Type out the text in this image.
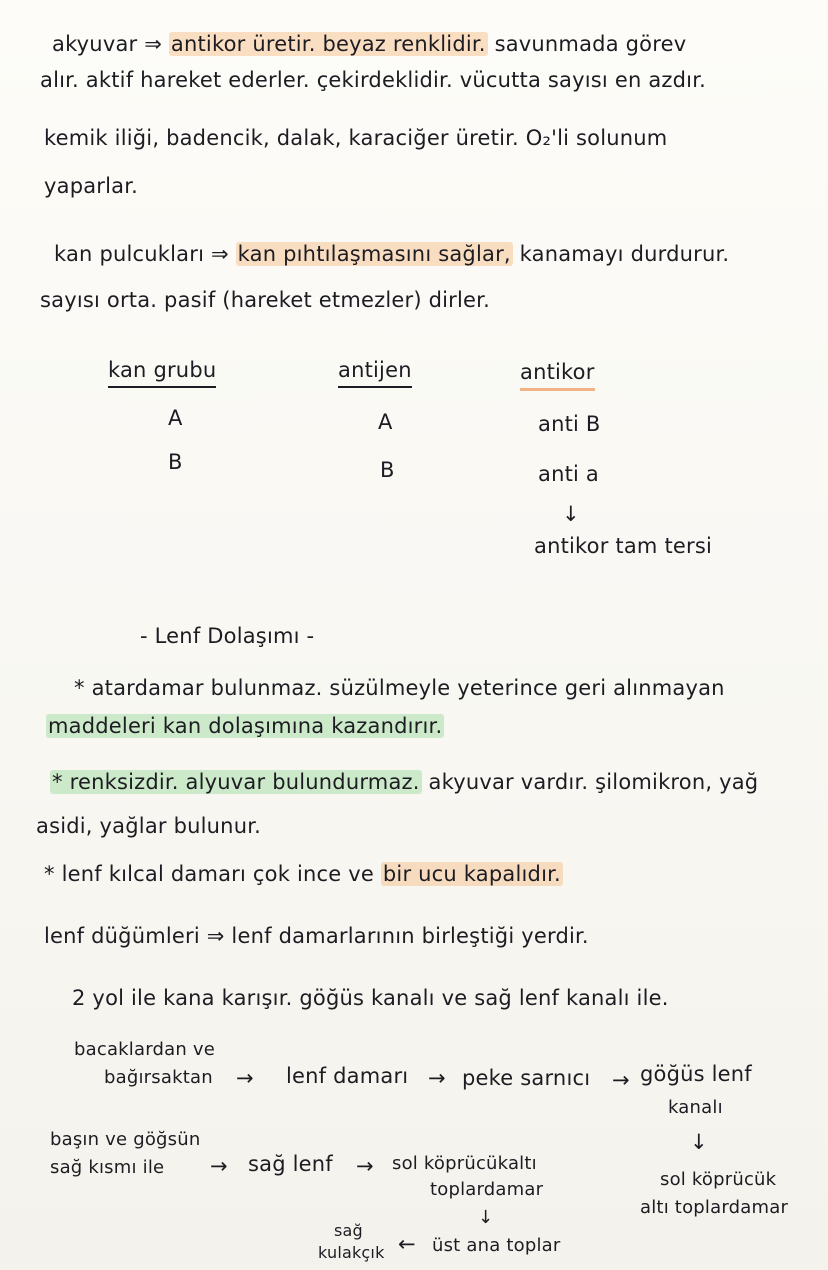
akyuvar ⇒ antikor üretir. beyaz renklidir. savunmada görev
alır. aktif hareket ederler. çekirdeklidir. vücutta sayısı en azdır.
kemik iliği, badencik, dalak, karaciğer üretir. O₂'li solunum
yaparlar.
kan pulcukları ⇒ kan pıhtılaşmasını sağlar, kanamayı durdurur.
sayısı orta. pasif (hareket etmezler) dirler.
kan grubu	antijen	antikor
A	A	anti B
B	B	anti a
↓
antikor tam tersi
- Lenf Dolaşımı -
* atardamar bulunmaz. süzülmeyle yeterince geri alınmayan
maddeleri kan dolaşımına kazandırır.
* renksizdir. alyuvar bulundurmaz. akyuvar vardır. şilomikron, yağ
asidi, yağlar bulunur.
* lenf kılcal damarı çok ince ve bir ucu kapalıdır.
lenf düğümleri ⇒ lenf damarlarının birleştiği yerdir.
2 yol ile kana karışır. göğüs kanalı ve sağ lenf kanalı ile.
bacaklardan ve
bağırsaktan → lenf damarı → peke sarnıcı → göğüs lenf
kanalı
↓
sol köprücük
altı toplardamar
başın ve göğsün
sağ kısmı ile → sağ lenf → sol köprücükaltı
toplardamar
↓
üst ana toplar
←
sağ
kulakçık
